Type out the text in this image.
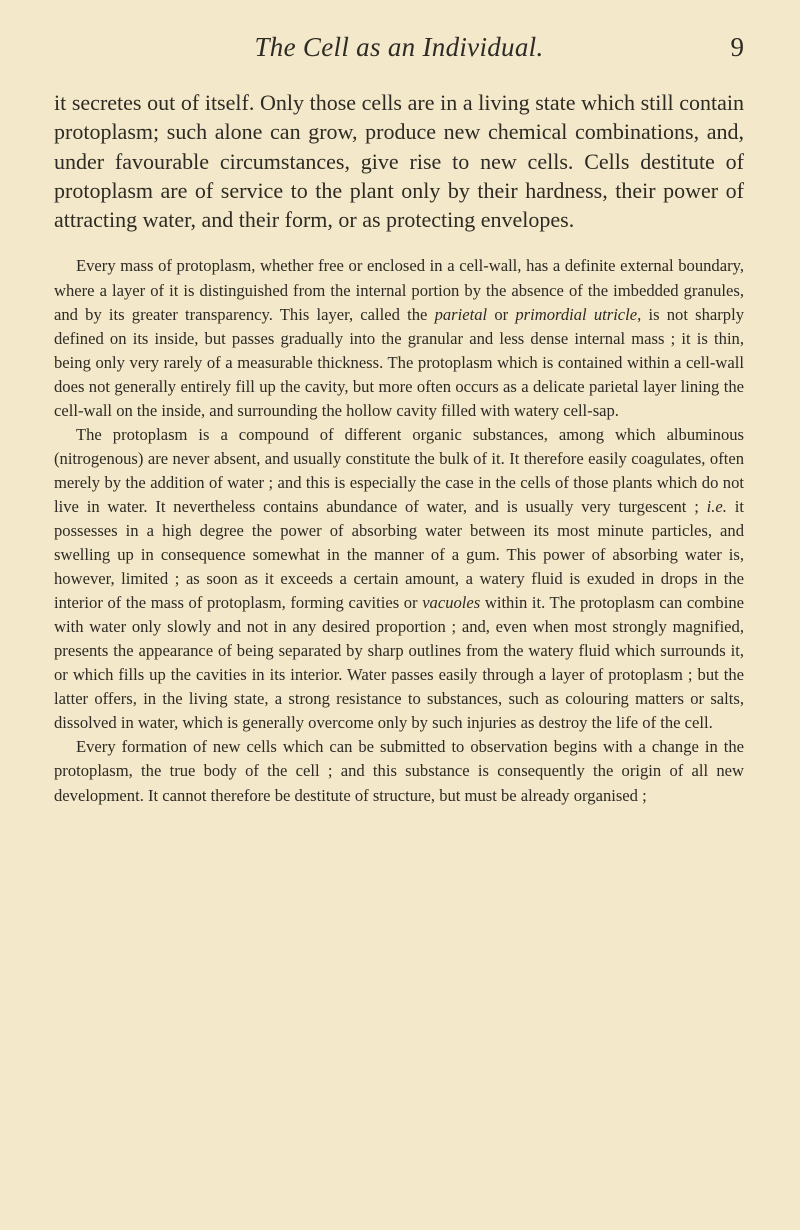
The Cell as an Individual.	9

it secretes out of itself. Only those cells are in a living state which still contain protoplasm; such alone can grow, produce new chemical combinations, and, under favourable circumstances, give rise to new cells. Cells destitute of protoplasm are of service to the plant only by their hardness, their power of attracting water, and their form, or as protecting envelopes.

Every mass of protoplasm, whether free or enclosed in a cell-wall, has a definite external boundary, where a layer of it is distinguished from the internal portion by the absence of the imbedded granules, and by its greater transparency. This layer, called the parietal or primordial utricle, is not sharply defined on its inside, but passes gradually into the granular and less dense internal mass ; it is thin, being only very rarely of a measurable thickness. The protoplasm which is contained within a cell-wall does not generally entirely fill up the cavity, but more often occurs as a delicate parietal layer lining the cell-wall on the inside, and surrounding the hollow cavity filled with watery cell-sap.

The protoplasm is a compound of different organic substances, among which albuminous (nitrogenous) are never absent, and usually constitute the bulk of it. It therefore easily coagulates, often merely by the addition of water ; and this is especially the case in the cells of those plants which do not live in water. It nevertheless contains abundance of water, and is usually very turgescent ; i.e. it possesses in a high degree the power of absorbing water between its most minute particles, and swelling up in consequence somewhat in the manner of a gum. This power of absorbing water is, however, limited ; as soon as it exceeds a certain amount, a watery fluid is exuded in drops in the interior of the mass of protoplasm, forming cavities or vacuoles within it. The protoplasm can combine with water only slowly and not in any desired proportion ; and, even when most strongly magnified, presents the appearance of being separated by sharp outlines from the watery fluid which surrounds it, or which fills up the cavities in its interior. Water passes easily through a layer of protoplasm ; but the latter offers, in the living state, a strong resistance to substances, such as colouring matters or salts, dissolved in water, which is generally overcome only by such injuries as destroy the life of the cell.

Every formation of new cells which can be submitted to observation begins with a change in the protoplasm, the true body of the cell ; and this substance is consequently the origin of all new development. It cannot therefore be destitute of structure, but must be already organised ;
